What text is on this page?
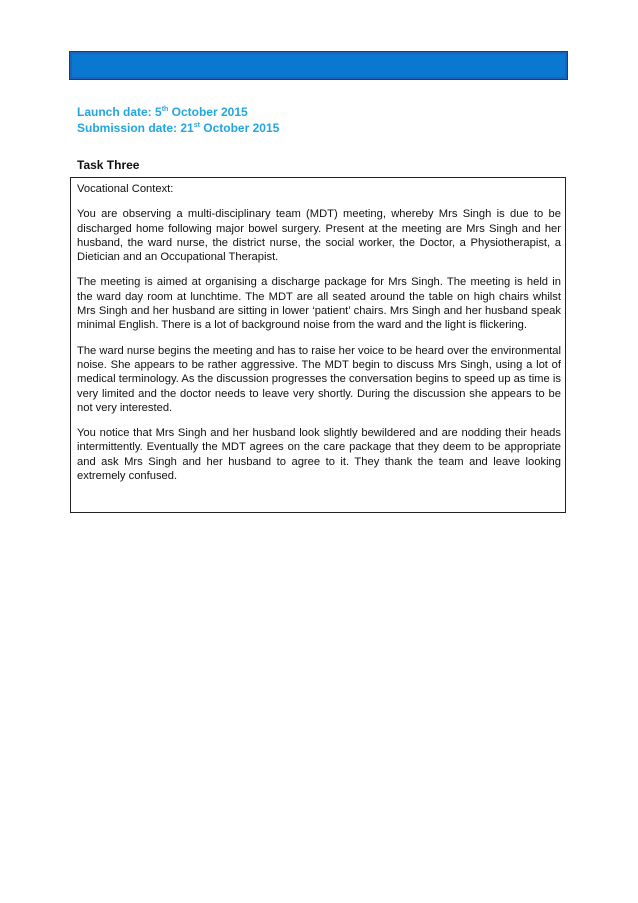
Launch date: 5th October 2015
Submission date: 21st October 2015
Task Three
Vocational Context:

You are observing a multi-disciplinary team (MDT) meeting, whereby Mrs Singh is due to be discharged home following major bowel surgery. Present at the meeting are Mrs Singh and her husband, the ward nurse, the district nurse, the social worker, the Doctor, a Physiotherapist, a Dietician and an Occupational Therapist.

The meeting is aimed at organising a discharge package for Mrs Singh. The meeting is held in the ward day room at lunchtime. The MDT are all seated around the table on high chairs whilst Mrs Singh and her husband are sitting in lower ‘patient’ chairs. Mrs Singh and her husband speak minimal English. There is a lot of background noise from the ward and the light is flickering.

The ward nurse begins the meeting and has to raise her voice to be heard over the environmental noise. She appears to be rather aggressive. The MDT begin to discuss Mrs Singh, using a lot of medical terminology. As the discussion progresses the conversation begins to speed up as time is very limited and the doctor needs to leave very shortly. During the discussion she appears to be not very interested.

You notice that Mrs Singh and her husband look slightly bewildered and are nodding their heads intermittently. Eventually the MDT agrees on the care package that they deem to be appropriate and ask Mrs Singh and her husband to agree to it. They thank the team and leave looking extremely confused.
